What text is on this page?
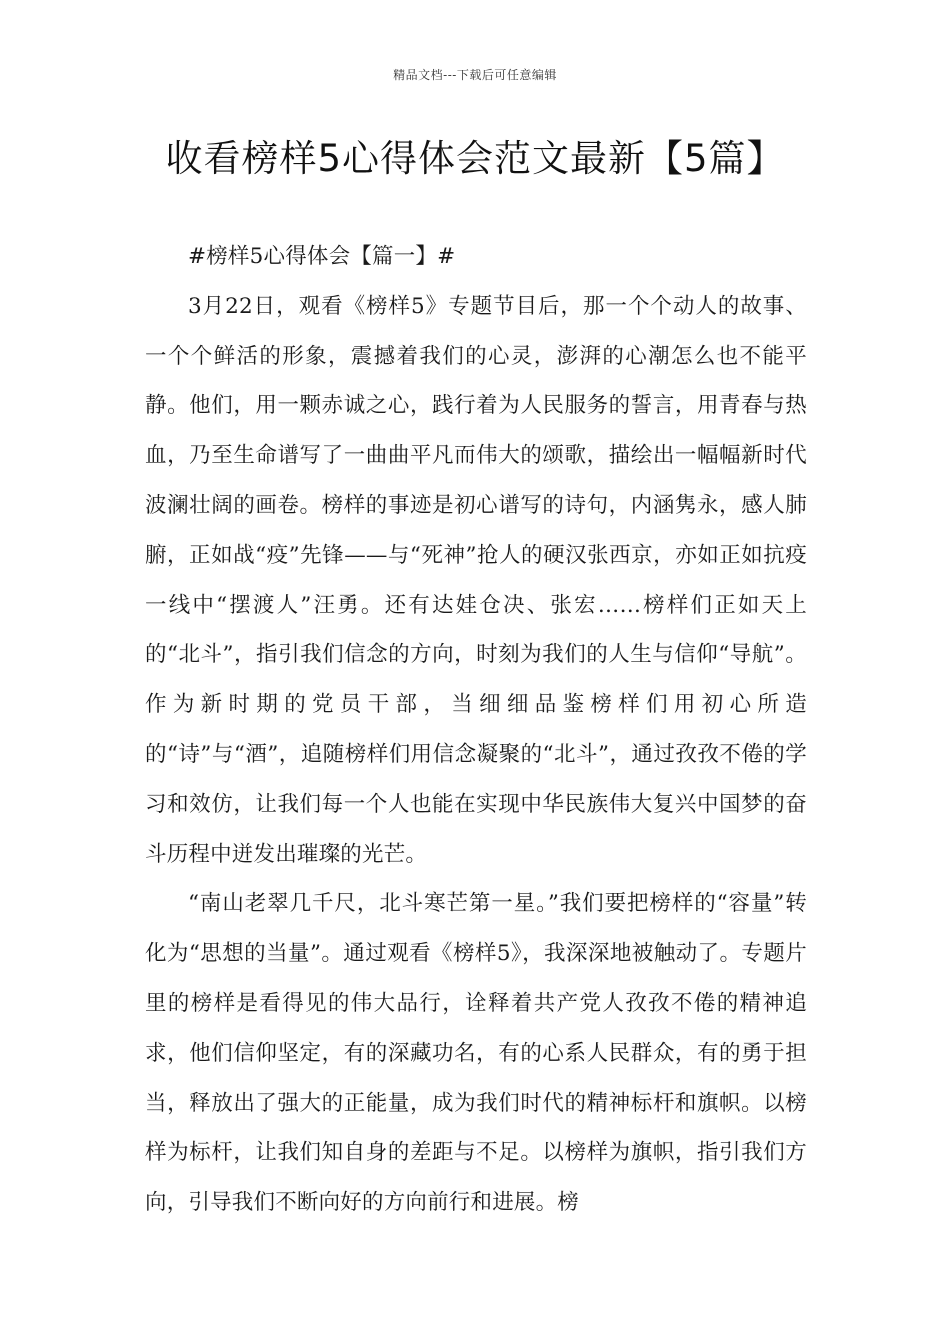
精品文档---下载后可任意编辑
收看榜样5心得体会范文最新【5篇】

#榜样5心得体会【篇一】#

3月22日，观看《榜样5》专题节目后，那一个个动人的故事、一个个鲜活的形象，震撼着我们的心灵，澎湃的心潮怎么也不能平静。他们，用一颗赤诚之心，践行着为人民服务的誓言，用青春与热血，乃至生命谱写了一曲曲平凡而伟大的颂歌，描绘出一幅幅新时代波澜壮阔的画卷。榜样的事迹是初心谱写的诗句，内涵隽永，感人肺腑，正如战“疫”先锋——与“死神”抢人的硬汉张西京，亦如正如抗疫一线中“摆渡人”汪勇。还有达娃仓决、张宏……榜样们正如天上的“北斗”，指引我们信念的方向，时刻为我们的人生与信仰“导航”。作为新时期的党员干部，当细细品鉴榜样们用初心所造的“诗”与“酒”，追随榜样们用信念凝聚的“北斗”，通过孜孜不倦的学习和效仿，让我们每一个人也能在实现中华民族伟大复兴中国梦的奋斗历程中迸发出璀璨的光芒。

“南山老翠几千尺，北斗寒芒第一星。”我们要把榜样的“容量”转化为“思想的当量”。通过观看《榜样5》，我深深地被触动了。专题片里的榜样是看得见的伟大品行，诠释着共产党人孜孜不倦的精神追求，他们信仰坚定，有的深藏功名，有的心系人民群众，有的勇于担当，释放出了强大的正能量，成为我们时代的精神标杆和旗帜。以榜样为标杆，让我们知自身的差距与不足。以榜样为旗帜，指引我们方向，引导我们不断向好的方向前行和进展。榜
